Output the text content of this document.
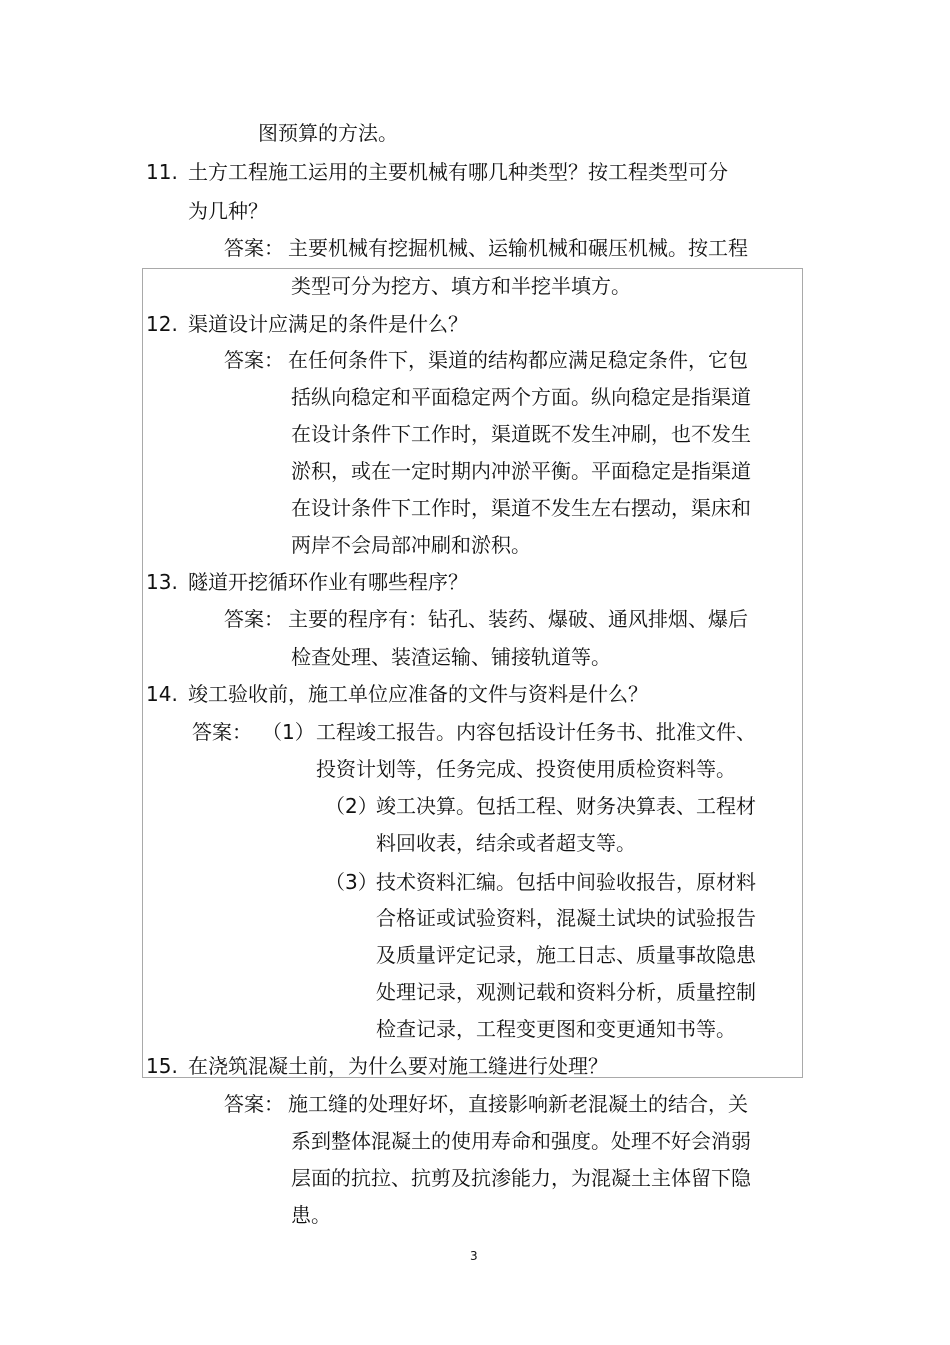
图预算的方法。
11. 土方工程施工运用的主要机械有哪几种类型？按工程类型可分
为几种？
答案： 主要机械有挖掘机械、运输机械和碾压机械。按工程
类型可分为挖方、填方和半挖半填方。
12. 渠道设计应满足的条件是什么？
答案： 在任何条件下，渠道的结构都应满足稳定条件，它包
括纵向稳定和平面稳定两个方面。纵向稳定是指渠道
在设计条件下工作时，渠道既不发生冲刷，也不发生
淤积，或在一定时期内冲淤平衡。平面稳定是指渠道
在设计条件下工作时，渠道不发生左右摆动，渠床和
两岸不会局部冲刷和淤积。
13. 隧道开挖循环作业有哪些程序？
答案： 主要的程序有：钻孔、装药、爆破、通风排烟、爆后
检查处理、装渣运输、铺接轨道等。
14. 竣工验收前，施工单位应准备的文件与资料是什么？
答案： （1） 工程竣工报告。内容包括设计任务书、批准文件、
投资计划等，任务完成、投资使用质检资料等。
（2）
竣工决算。包括工程、财务决算表、工程材
料回收表，结余或者超支等。
（3）
技术资料汇编。包括中间验收报告，原材料
合格证或试验资料，混凝土试块的试验报告
及质量评定记录，施工日志、质量事故隐患
处理记录，观测记载和资料分析，质量控制
检查记录，工程变更图和变更通知书等。
15. 在浇筑混凝土前，为什么要对施工缝进行处理？
答案： 施工缝的处理好坏，直接影响新老混凝土的结合，关
系到整体混凝土的使用寿命和强度。处理不好会消弱
层面的抗拉、抗剪及抗渗能力，为混凝土主体留下隐
患。
3
